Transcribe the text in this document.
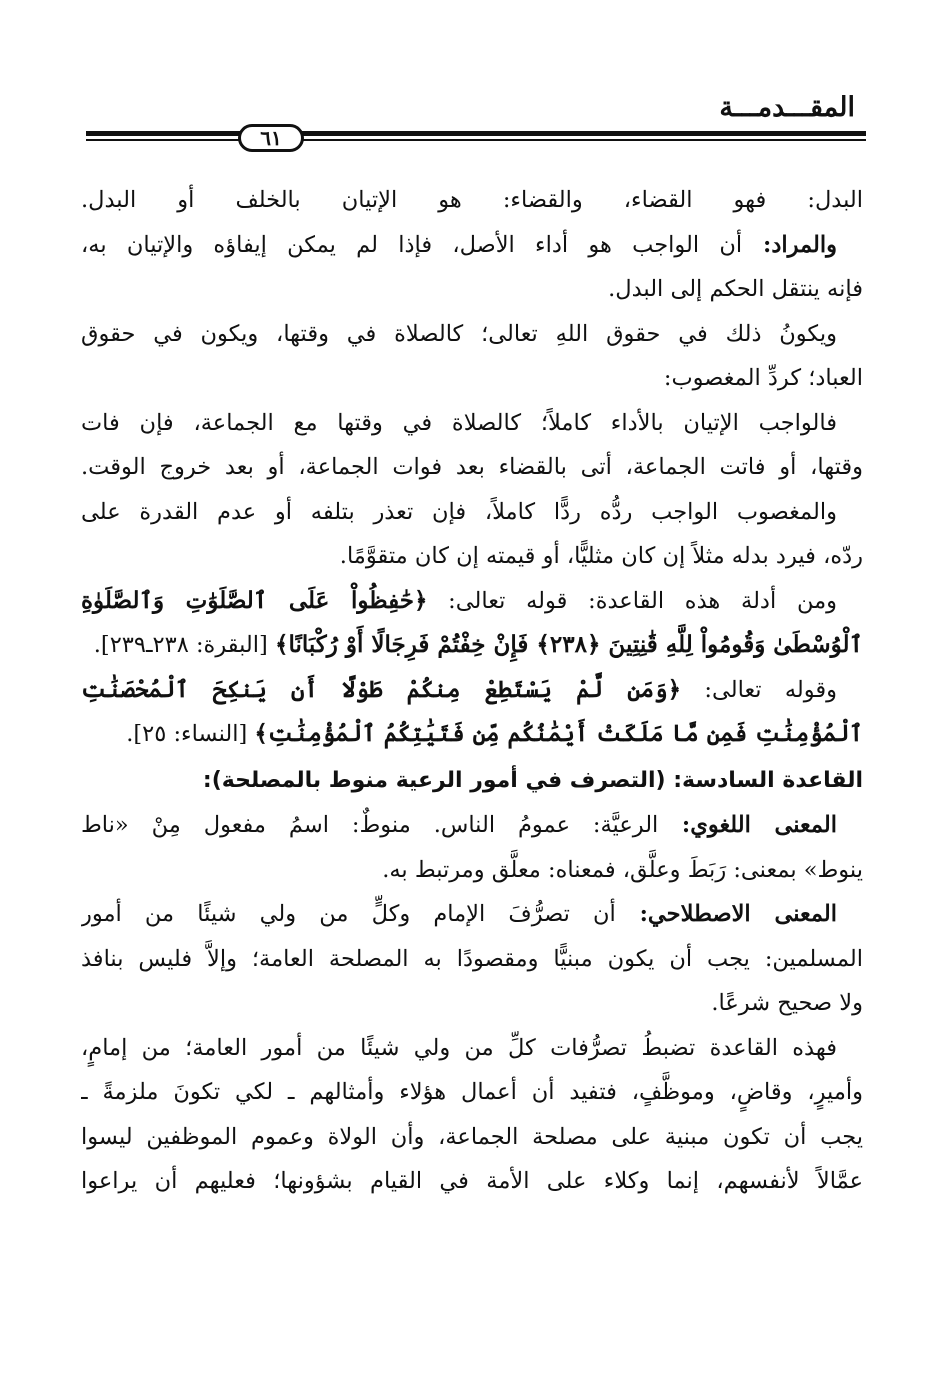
المقـــدمـــة
٦١
البدل: فهو القضاء، والقضاء: هو الإتيان بالخلف أو البدل.
والمراد: أن الواجب هو أداء الأصل، فإذا لم يمكن إيفاؤه والإتيان به،
فإنه ينتقل الحكم إلى البدل.
ويكونُ ذلك في حقوق اللهِ تعالى؛ كالصلاة في وقتها، ويكون في حقوق
العباد؛ كردِّ المغصوب:
فالواجب الإتيان بالأداء كاملاً؛ كالصلاة في وقتها مع الجماعة، فإن فات
وقتها، أو فاتت الجماعة، أتى بالقضاء بعد فوات الجماعة، أو بعد خروج الوقت.
والمغصوب الواجب ردُّه ردًّا كاملاً، فإن تعذر بتلفه أو عدم القدرة على
ردّه، فيرد بدله مثلاً إن كان مثليًّا، أو قيمته إن كان متقوَّمًا.
ومن أدلة هذه القاعدة: قوله تعالى: ﴿حَٰفِظُواْ عَلَى ٱلصَّلَوَٰتِ وَٱلصَّلَوٰةِ
ٱلْوُسْطَىٰ وَقُومُواْ لِلَّهِ قَٰنِتِينَ ﴿٢٣٨﴾ فَإِنْ خِفْتُمْ فَرِجَالًا أَوْ رُكْبَانًا﴾ [البقرة: ٢٣٨ـ٢٣٩].
وقوله تعالى: ﴿وَمَن لَّمْ يَسْتَطِعْ مِنكُمْ طَوْلًا أَن يَنكِحَ ٱلْمُحْصَنَٰتِ
ٱلْمُؤْمِنَٰتِ فَمِن مَّا مَلَكَتْ أَيْمَٰنُكُم مِّن فَتَيَٰتِكُمُ ٱلْمُؤْمِنَٰتِ﴾ [النساء: ٢٥].
القاعدة السادسة: (التصرف في أمور الرعية منوط بالمصلحة):
المعنى اللغوي: الرعيَّة: عمومُ الناس. منوطٌ: اسمُ مفعول مِنْ «ناط
ينوط» بمعنى: رَبَطَ وعلَّق، فمعناه: معلَّق ومرتبط به.
المعنى الاصطلاحي: أن تصرُّفَ الإمام وكلٍّ من ولي شيئًا من أمور
المسلمين: يجب أن يكون مبنيًّا ومقصودًا به المصلحة العامة؛ وإلاَّ فليس بنافذ
ولا صحيح شرعًا.
فهذه القاعدة تضبطُ تصرُّفات كلِّ من ولي شيئًا من أمور العامة؛ من إمامٍ،
وأميرٍ، وقاضٍ، وموظَّفٍ، فتفيد أن أعمال هؤلاء وأمثالهم ـ لكي تكونَ ملزمةً ـ
يجب أن تكون مبنية على مصلحة الجماعة، وأن الولاة وعموم الموظفين ليسوا
عمَّالاً لأنفسهم، إنما وكلاء على الأمة في القيام بشؤونها؛ فعليهم أن يراعوا
